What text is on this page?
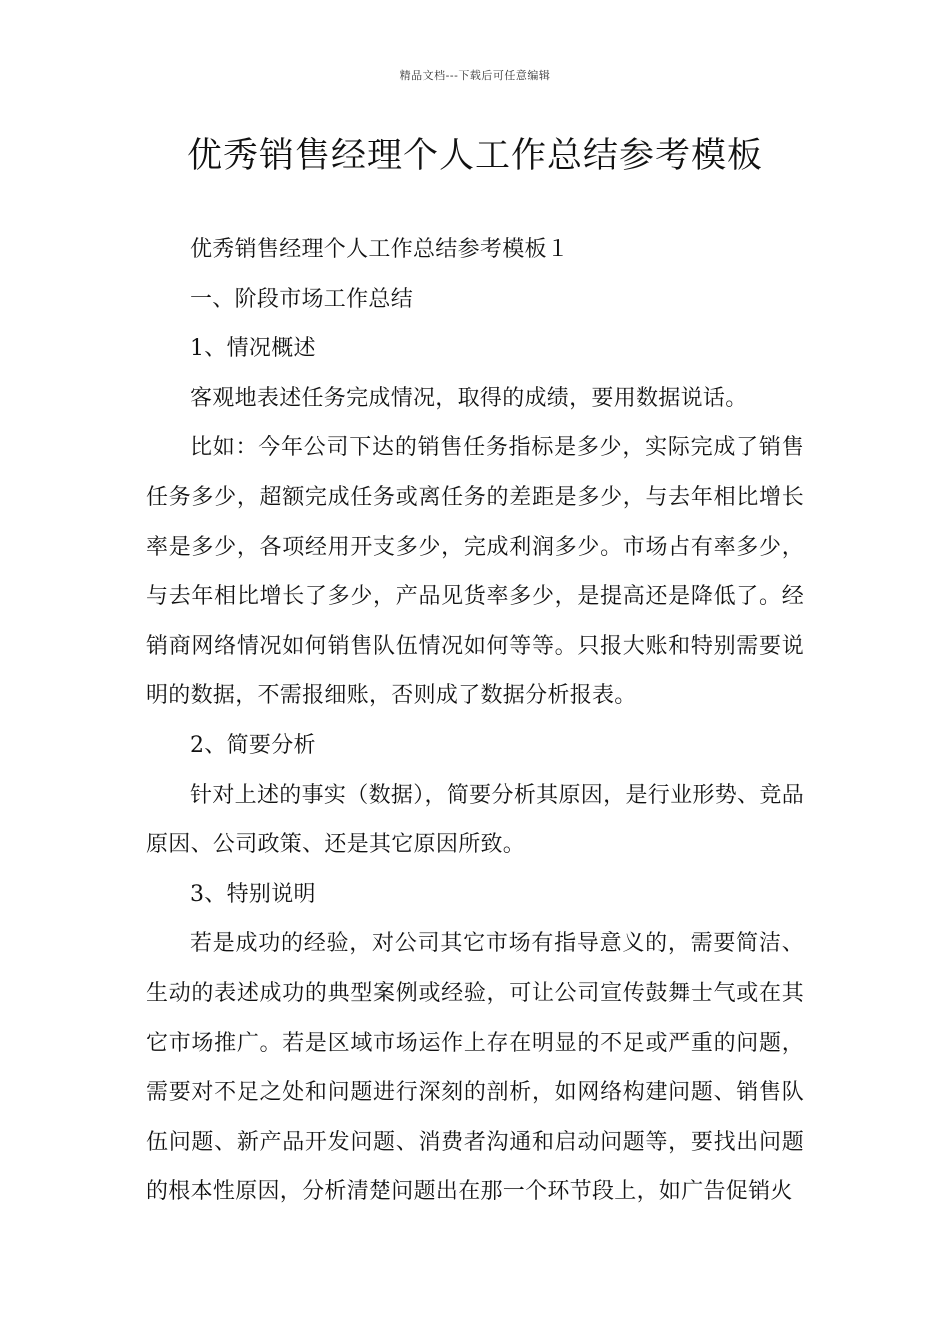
精品文档---下载后可任意编辑
优秀销售经理个人工作总结参考模板

优秀销售经理个人工作总结参考模板１

一、阶段市场工作总结

1、情况概述

客观地表述任务完成情况，取得的成绩，要用数据说话。

比如：今年公司下达的销售任务指标是多少，实际完成了销售任务多少，超额完成任务或离任务的差距是多少，与去年相比增长率是多少，各项经用开支多少，完成利润多少。市场占有率多少，与去年相比增长了多少，产品见货率多少，是提高还是降低了。经销商网络情况如何销售队伍情况如何等等。只报大账和特别需要说明的数据，不需报细账，否则成了数据分析报表。

2、简要分析

针对上述的事实（数据），简要分析其原因，是行业形势、竞品原因、公司政策、还是其它原因所致。

3、特别说明

若是成功的经验，对公司其它市场有指导意义的，需要简洁、生动的表述成功的典型案例或经验，可让公司宣传鼓舞士气或在其它市场推广。若是区域市场运作上存在明显的不足或严重的问题，需要对不足之处和问题进行深刻的剖析，如网络构建问题、销售队伍问题、新产品开发问题、消费者沟通和启动问题等，要找出问题的根本性原因，分析清楚问题出在那一个环节段上，如广告促销火
